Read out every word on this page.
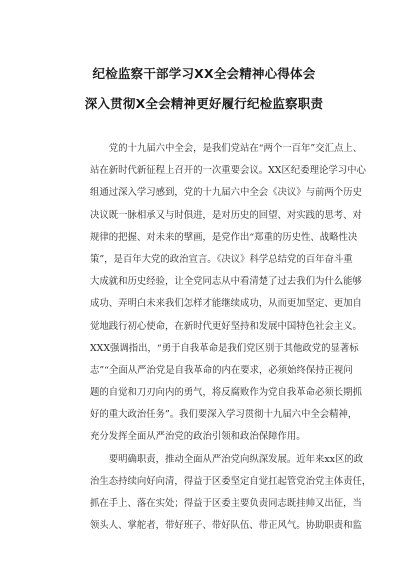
纪检监察干部学习XX全会精神心得体会
深入贯彻X全会精神更好履行纪检监察职责
　　党的十九届六中全会，是我们党站在“两个一百年”交汇点上、
站在新时代新征程上召开的一次重要会议。XX区纪委理论学习中心
组通过深入学习感到，党的十九届六中全会《决议》与前两个历史
决议既一脉相承又与时俱进，是对历史的回望、对实践的思考、对
规律的把握、对未来的擘画，是党作出“郑重的历史性、战略性决
策”，是百年大党的政治宣言。《决议》科学总结党的百年奋斗重
大成就和历史经验，让全党同志从中看清楚了过去我们为什么能够
成功、弄明白未来我们怎样才能继续成功，从而更加坚定、更加自
觉地践行初心使命，在新时代更好坚持和发展中国特色社会主义。
XXX强调指出，“勇于自我革命是我们党区别于其他政党的显著标
志”“全面从严治党是自我革命的内在要求，必须始终保持正视问
题的自觉和刀刃向内的勇气，将反腐败作为党自我革命必须长期抓
好的重大政治任务”。我们要深入学习贯彻十九届六中全会精神，
充分发挥全面从严治党的政治引领和政治保障作用。
　　要明确职责，推动全面从严治党向纵深发展。近年来xx区的政
治生态持续向好向清，得益于区委坚定自觉扛起管党治党主体责任，
抓在手上、落在实处；得益于区委主要负责同志既挂帅又出征，当
领头人、掌舵者，带好班子、带好队伍、带正风气。协助职责和监
